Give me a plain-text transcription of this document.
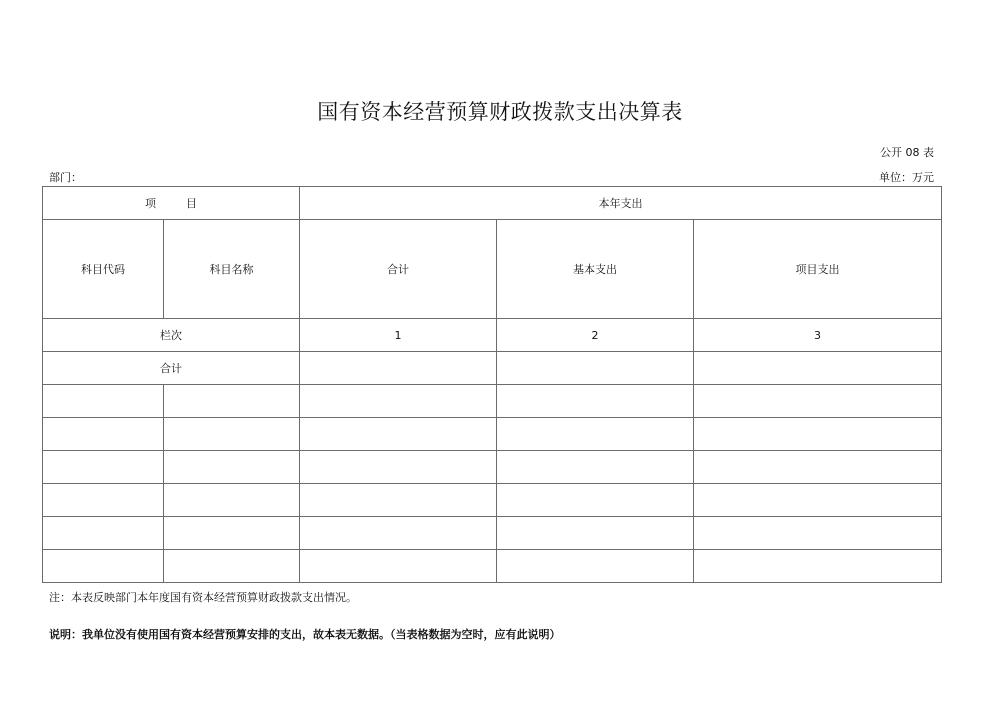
国有资本经营预算财政拨款支出决算表
公开 08 表
部门：	单位：万元
项 目		本年支出		
科目代码	科目名称	合计	基本支出	项目支出
栏次		1	2	3
合计				

注：本表反映部门本年度国有资本经营预算财政拨款支出情况。
说明：我单位没有使用国有资本经营预算安排的支出，故本表无数据。（当表格数据为空时，应有此说明）
